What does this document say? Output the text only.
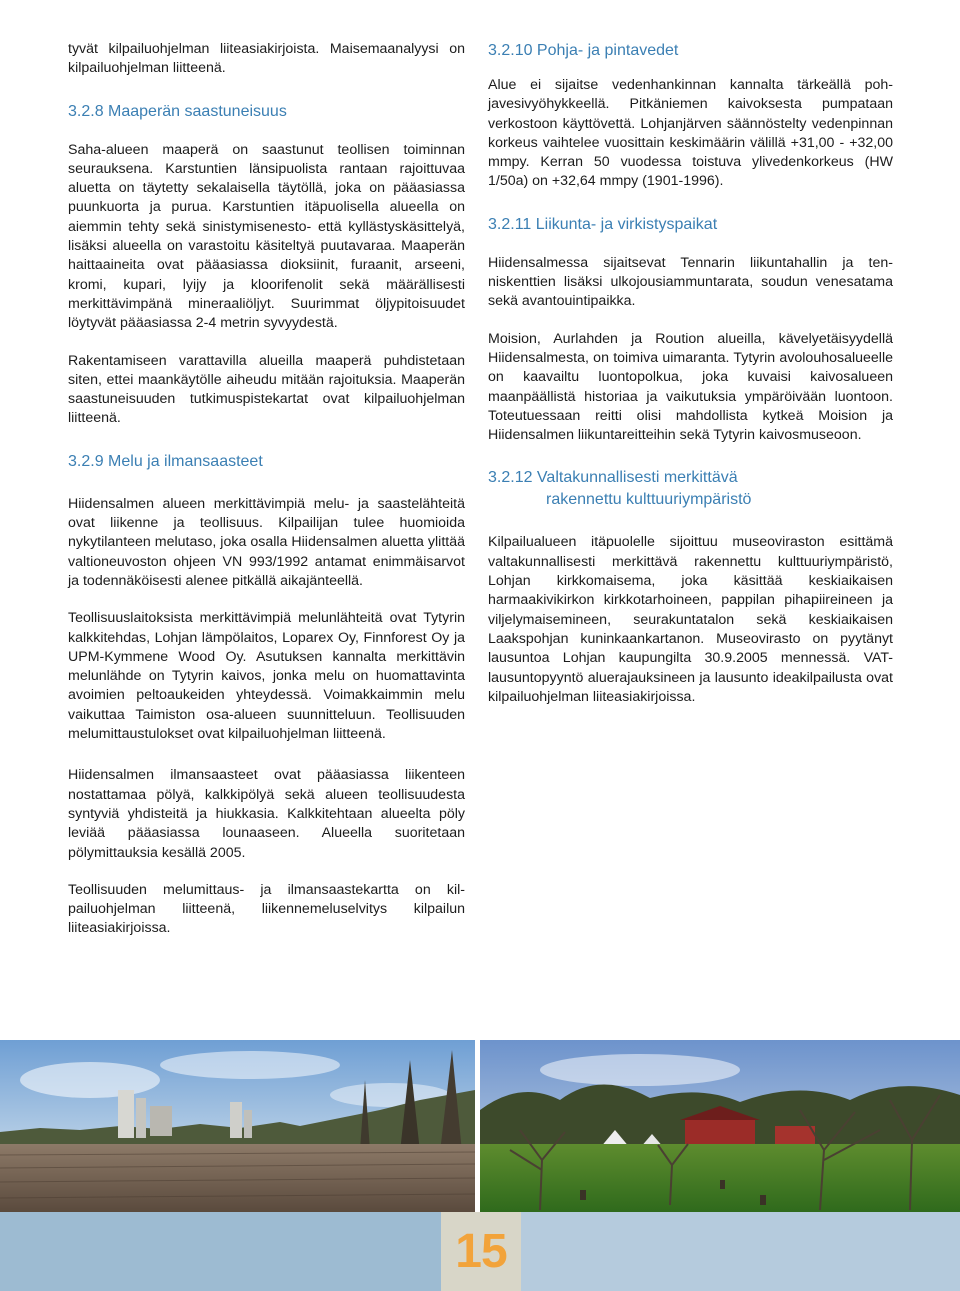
tyvät kilpailuohjelman liiteasiakirjoista. Maisemaanalyysi on kilpailuohjelman liitteenä.

3.2.8 Maaperän saastuneisuus

Saha-alueen maaperä on saastunut teollisen toiminnan seurauksena. Karstuntien länsipuolista rantaan rajoittuvaa aluetta on täytetty sekalaisella täytöllä, joka on pääasiassa puunkuorta ja purua. Karstuntien itäpuolisella alueella on aiemmin tehty sekä sinistymisenesto- että kyllästyskäsittelyä, lisäksi alueella on varastoitu käsiteltyä puutavaraa. Maaperän haittaaineita ovat pääasiassa dioksiinit, furaanit, arseeni, kromi, kupari, lyijy ja kloorifenolit sekä määrällisesti merkittävimpänä mineraaliöljyt. Suurimmat öljypitoisuudet löytyvät pääasiassa 2-4 metrin syvyydestä.

Rakentamiseen varattavilla alueilla maaperä puhdistetaan siten, ettei maankäytölle aiheudu mitään rajoituksia. Maaperän saastuneisuuden tutkimuspistekartat ovat kilpailuohjelman liitteenä.

3.2.9 Melu ja ilmansaasteet

Hiidensalmen alueen merkittävimpiä melu- ja saastelähteitä ovat liikenne ja teollisuus. Kilpailijan tulee huomioida nykytilanteen melutaso, joka osalla Hiidensalmen aluetta ylittää valtioneuvoston ohjeen VN 993/1992 antamat enimmäisarvot ja todennäköisesti alenee pitkällä aikajänteellä.

Teollisuuslaitoksista merkittävimpiä melunlähteitä ovat Tytyrin kalkkitehdas, Lohjan lämpölaitos, Loparex Oy, Finnforest Oy ja UPM-Kymmene Wood Oy. Asutuksen kannalta merkittävin melunlähde on Tytyrin kaivos, jonka melu on huomattavinta avoimien peltoaukeiden yhteydessä. Voimakkaimmin melu vaikuttaa Taimiston osa-alueen suunnitteluun. Teollisuuden melumittaustulokset ovat kilpailuohjelman liitteenä.

Hiidensalmen ilmansaasteet ovat pääasiassa liikenteen nostattamaa pölyä, kalkkipölyä sekä alueen teollisuudesta syntyviä yhdisteitä ja hiukkasia. Kalkkitehtaan alueelta pöly leviää pääasiassa lounaaseen. Alueella suoritetaan pölymittauksia kesällä 2005.

Teollisuuden melumittaus- ja ilmansaastekartta on kilpailuohjelman liitteenä, liikennemeluselvitys kilpailun liiteasiakirjoissa.

3.2.10 Pohja- ja pintavedet

Alue ei sijaitse vedenhankinnan kannalta tärkeällä pohjavesivyöhykkeellä. Pitkäniemen kaivoksesta pumpataan verkostoon käyttövettä. Lohjanjärven säännöstelty vedenpinnan korkeus vaihtelee vuosittain keskimäärin välillä +31,00 - +32,00 mmpy. Kerran 50 vuodessa toistuva ylivedenkorkeus (HW 1/50a) on +32,64 mmpy (1901-1996).

3.2.11 Liikunta- ja virkistyspaikat

Hiidensalmessa sijaitsevat Tennarin liikuntahallin ja tenniskenttien lisäksi ulkojousiammuntarata, soudun venesatama sekä avantouintipaikka.

Moision, Aurlahden ja Roution alueilla, kävelyetäisyydellä Hiidensalmesta, on toimiva uimaranta. Tytyrin avolouhosalueelle on kaavailtu luontopolkua, joka kuvaisi kaivosalueen maanpäällistä historiaa ja vaikutuksia ympäröivään luontoon. Toteutuessaan reitti olisi mahdollista kytkeä Moision ja Hiidensalmen liikuntareitteihin sekä Tytyrin kaivosmuseoon.

3.2.12 Valtakunnallisesti merkittävä
rakennettu kulttuuriympäristö

Kilpailualueen itäpuolelle sijoittuu museoviraston esittämä valtakunnallisesti merkittävä rakennettu kulttuuriympäristö, Lohjan kirkkomaisema, joka käsittää keskiaikaisen harmaakivikirkon kirkkotarhoineen, pappilan pihapiireineen ja viljelymaisemineen, seurakuntatalon sekä keskiaikaisen Laakspohjan kuninkaankartanon. Museovirasto on pyytänyt lausuntoa Lohjan kaupungilta 30.9.2005 mennessä. VAT-lausuntopyyntö aluerajauksineen ja lausunto ideakilpailusta ovat kilpailuohjelman liiteasiakirjoissa.

15
